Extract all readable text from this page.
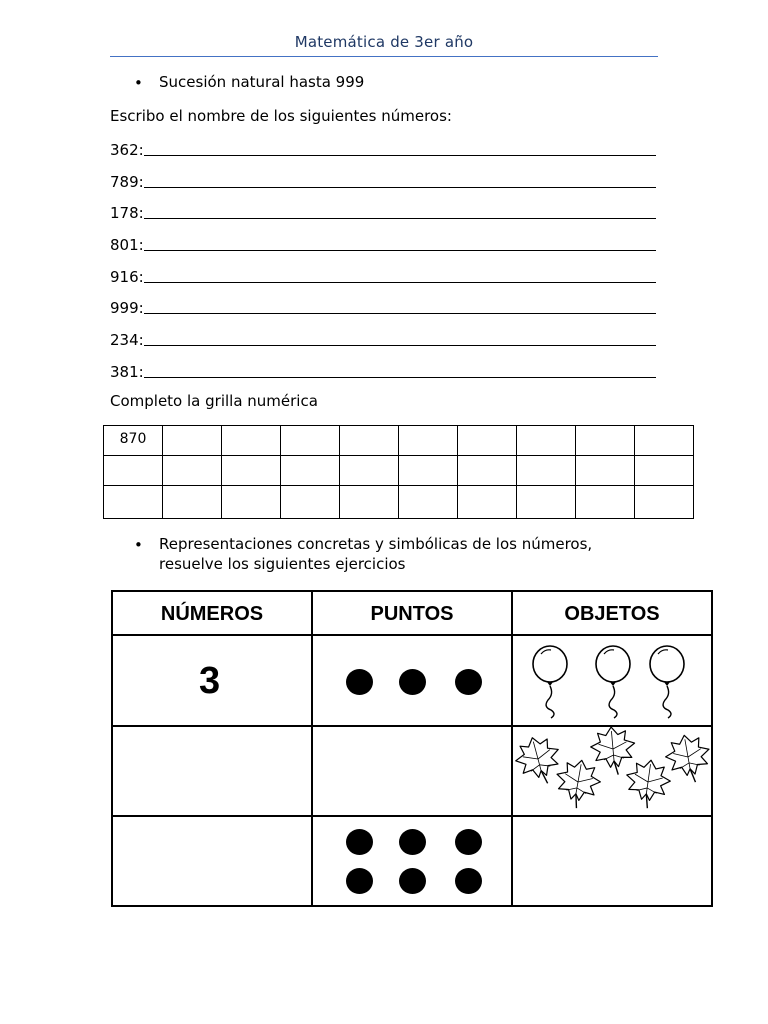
Matemática de 3er año
• Sucesión natural hasta 999
Escribo el nombre de los siguientes números:
362:
789:
178:
801:
916:
999:
234:
381:
Completo la grilla numérica
870									

• Representaciones concretas y simbólicas de los números,
resuelve los siguientes ejercicios
NÚMEROS	PUNTOS	OBJETOS
3
